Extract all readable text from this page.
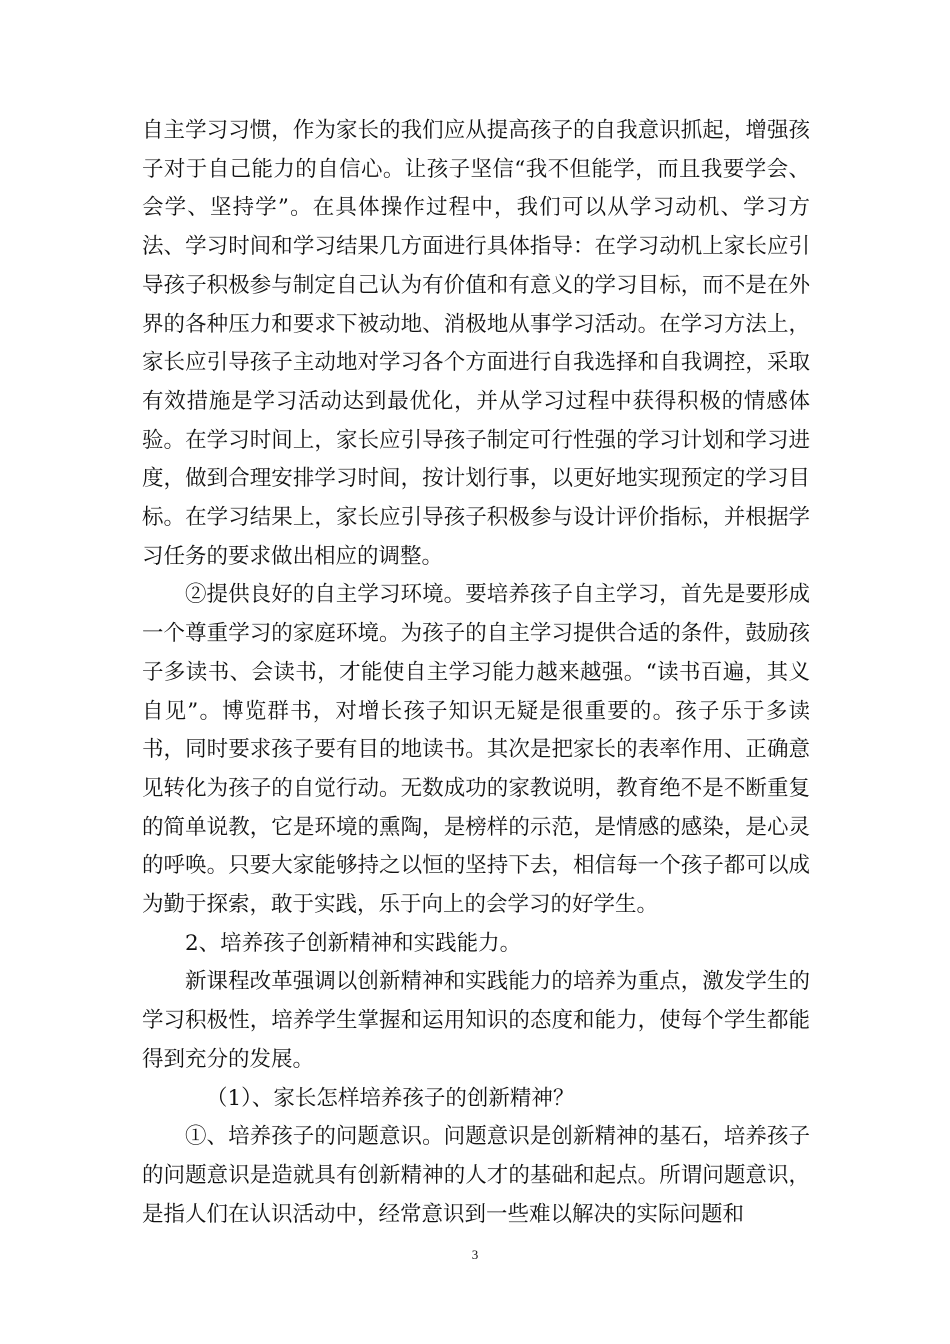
自主学习习惯，作为家长的我们应从提高孩子的自我意识抓起，增强孩子对于自己能力的自信心。让孩子坚信“我不但能学，而且我要学会、会学、坚持学”。在具体操作过程中，我们可以从学习动机、学习方法、学习时间和学习结果几方面进行具体指导：在学习动机上家长应引导孩子积极参与制定自己认为有价值和有意义的学习目标，而不是在外界的各种压力和要求下被动地、消极地从事学习活动。在学习方法上，家长应引导孩子主动地对学习各个方面进行自我选择和自我调控，采取有效措施是学习活动达到最优化，并从学习过程中获得积极的情感体验。在学习时间上，家长应引导孩子制定可行性强的学习计划和学习进度，做到合理安排学习时间，按计划行事，以更好地实现预定的学习目标。在学习结果上，家长应引导孩子积极参与设计评价指标，并根据学习任务的要求做出相应的调整。

②提供良好的自主学习环境。要培养孩子自主学习，首先是要形成一个尊重学习的家庭环境。为孩子的自主学习提供合适的条件，鼓励孩子多读书、会读书，才能使自主学习能力越来越强。“读书百遍，其义自见”。博览群书，对增长孩子知识无疑是很重要的。孩子乐于多读书，同时要求孩子要有目的地读书。其次是把家长的表率作用、正确意见转化为孩子的自觉行动。无数成功的家教说明，教育绝不是不断重复的简单说教，它是环境的熏陶，是榜样的示范，是情感的感染，是心灵的呼唤。只要大家能够持之以恒的坚持下去，相信每一个孩子都可以成为勤于探索，敢于实践，乐于向上的会学习的好学生。

2、培养孩子创新精神和实践能力。

新课程改革强调以创新精神和实践能力的培养为重点，激发学生的学习积极性，培养学生掌握和运用知识的态度和能力，使每个学生都能得到充分的发展。

（1）、家长怎样培养孩子的创新精神？

①、培养孩子的问题意识。问题意识是创新精神的基石，培养孩子的问题意识是造就具有创新精神的人才的基础和起点。所谓问题意识，是指人们在认识活动中，经常意识到一些难以解决的实际问题和

3
